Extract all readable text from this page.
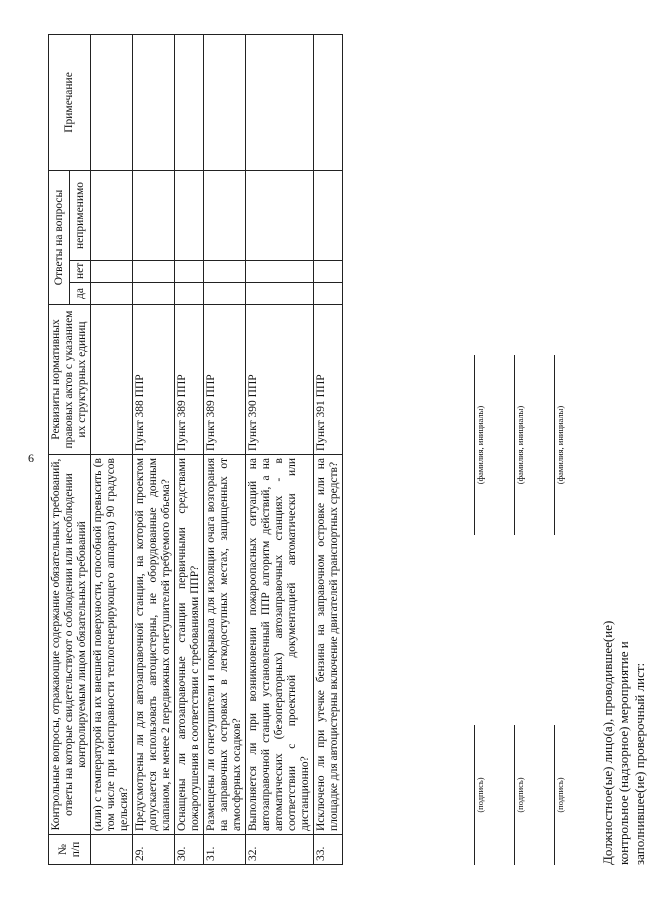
6
№ п/п	Контрольные вопросы, отражающие содержание обязательных требований, ответы на которые свидетельствуют о соблюдении или несоблюдении контролируемым лицом обязательных требований	Реквизиты нормативных правовых актов с указанием их структурных единиц	Ответы на вопросы			Примечание
			да	нет	неприменимо	
	(или) с температурой на их внешней поверхности, способной превысить (в том числе при неисправности теплогенерирующего аппарата) 90 градусов цельсия?					
29.	Предусмотрены ли для автозаправочной станции, на которой проектом допускается использовать автоцистерны, не оборудованные донным клапаном, не менее 2 передвижных огнетушителей требуемого объема?	Пункт 388 ППР				
30.	Оснащены ли автозаправочные станции первичными средствами пожаротушения в соответствии с требованиями ППР?	Пункт 389 ППР				
31.	Размещены ли огнетушители и покрывала для изоляции очага возгорания на заправочных островках в легкодоступных местах, защищенных от атмосферных осадков?	Пункт 389 ППР				
32.	Выполняется ли при возникновении пожароопасных ситуаций на автозаправочной станции установленный ППР алгоритм действий, а на автоматических (безоператорных) автозаправочных станциях - в соответствии с проектной документацией автоматически или дистанционно?	Пункт 390 ППР				
33.	Исключено ли при утечке бензина на заправочном островке или на площадке для автоцистерны включение двигателей транспортных средств?	Пункт 391 ППР				
Должностное(ые) лицо(а), проводившее(ие) контрольное (надзорное) мероприятие и заполнившее(ие) проверочный лист:
(подпись)
(фамилия, инициалы)
(подпись)
(фамилия, инициалы)
(подпись)
(фамилия, инициалы)
